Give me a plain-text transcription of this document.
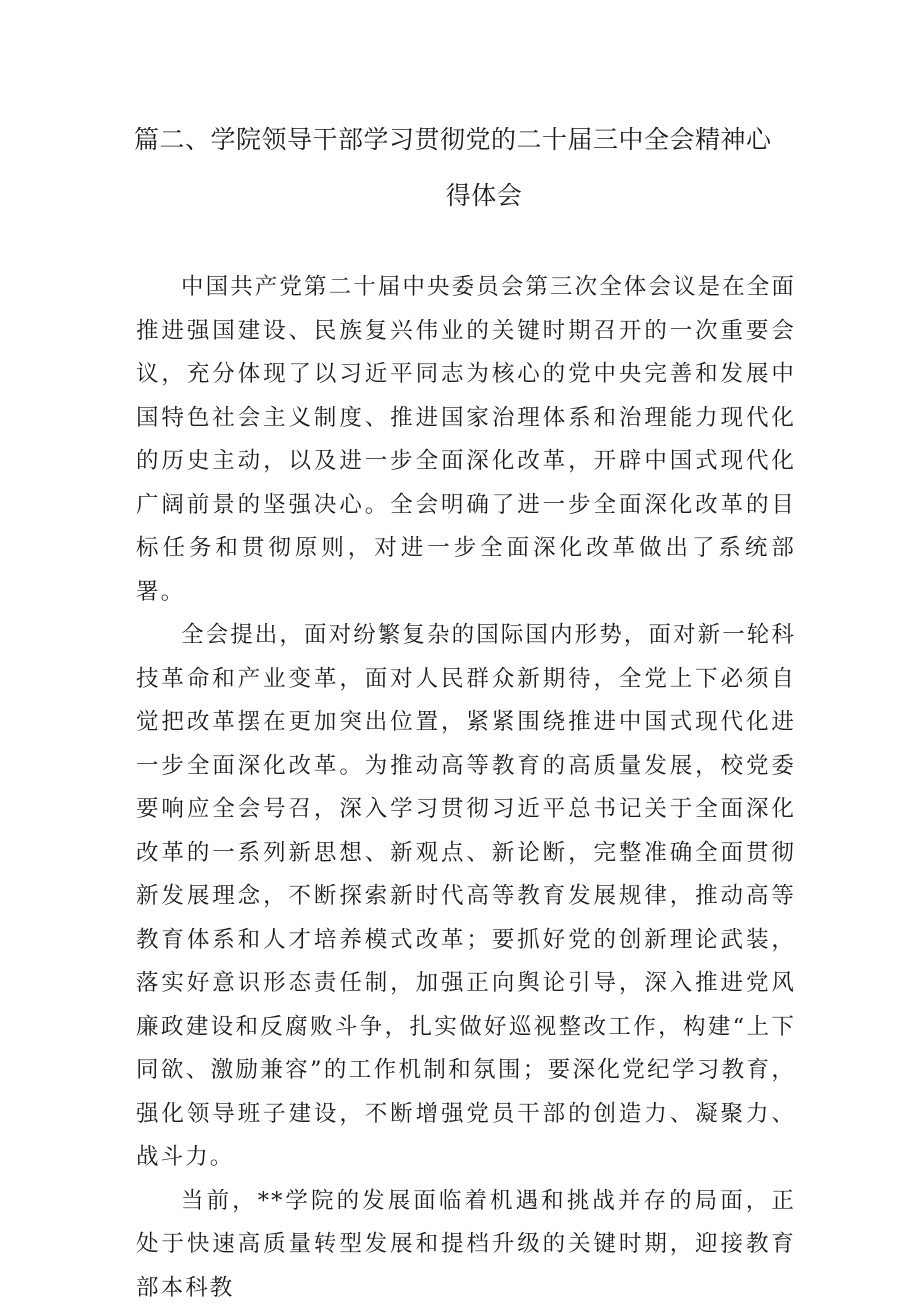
篇二、学院领导干部学习贯彻党的二十届三中全会精神心
得体会

中国共产党第二十届中央委员会第三次全体会议是在全面推进强国建设、民族复兴伟业的关键时期召开的一次重要会议，充分体现了以习近平同志为核心的党中央完善和发展中国特色社会主义制度、推进国家治理体系和治理能力现代化的历史主动，以及进一步全面深化改革，开辟中国式现代化广阔前景的坚强决心。全会明确了进一步全面深化改革的目标任务和贯彻原则，对进一步全面深化改革做出了系统部署。

全会提出，面对纷繁复杂的国际国内形势，面对新一轮科技革命和产业变革，面对人民群众新期待，全党上下必须自觉把改革摆在更加突出位置，紧紧围绕推进中国式现代化进一步全面深化改革。为推动高等教育的高质量发展，校党委要响应全会号召，深入学习贯彻习近平总书记关于全面深化改革的一系列新思想、新观点、新论断，完整准确全面贯彻新发展理念，不断探索新时代高等教育发展规律，推动高等教育体系和人才培养模式改革；要抓好党的创新理论武装，落实好意识形态责任制，加强正向舆论引导，深入推进党风廉政建设和反腐败斗争，扎实做好巡视整改工作，构建“上下同欲、激励兼容”的工作机制和氛围；要深化党纪学习教育，强化领导班子建设，不断增强党员干部的创造力、凝聚力、战斗力。

当前，**学院的发展面临着机遇和挑战并存的局面，正处于快速高质量转型发展和提档升级的关键时期，迎接教育部本科教
